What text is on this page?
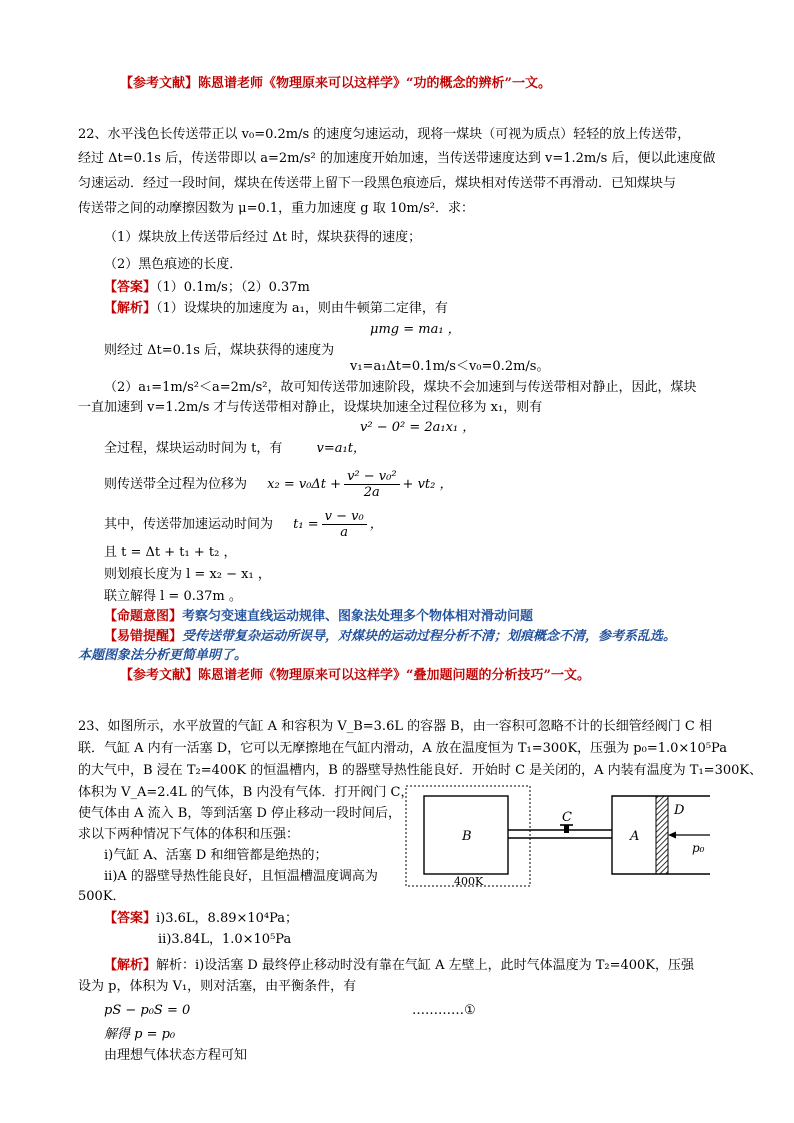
【参考文献】陈恩谱老师《物理原来可以这样学》“功的概念的辨析”一文。
22、水平浅色长传送带正以 v₀=0.2m/s 的速度匀速运动，现将一煤块（可视为质点）轻轻的放上传送带，
经过 Δt=0.1s 后，传送带即以 a=2m/s² 的加速度开始加速，当传送带速度达到 v=1.2m/s 后，便以此速度做
匀速运动．经过一段时间，煤块在传送带上留下一段黑色痕迹后，煤块相对传送带不再滑动．已知煤块与
传送带之间的动摩擦因数为 μ=0.1，重力加速度 g 取 10m/s²．求：
（1）煤块放上传送带后经过 Δt 时，煤块获得的速度；
（2）黑色痕迹的长度．
【答案】（1）0.1m/s；（2）0.37m
【解析】（1）设煤块的加速度为 a₁，则由牛顿第二定律，有
μmg = ma₁ ，
则经过 Δt=0.1s 后，煤块获得的速度为
v₁=a₁Δt=0.1m/s＜v₀=0.2m/s。
（2）a₁=1m/s²＜a=2m/s²，故可知传送带加速阶段，煤块不会加速到与传送带相对静止，因此，煤块
一直加速到 v=1.2m/s 才与传送带相对静止，设煤块加速全过程位移为 x₁，则有
v² − 0² = 2a₁x₁ ，
全过程，煤块运动时间为 t，有	v=a₁t，
则传送带全过程为位移为 $x_2 = v_0\Delta t + \frac{\text{v² − v₀²}}{2a} + vt_2$ ，
其中，传送带加速运动时间为 $t_1 = \frac{\text{v − v₀}}{a}$ ，
且 t = Δt + t₁ + t₂ ，
则划痕长度为 l = x₂ − x₁ ，
联立解得 l = 0.37m 。
【命题意图】考察匀变速直线运动规律、图象法处理多个物体相对滑动问题
【易错提醒】受传送带复杂运动所误导，对煤块的运动过程分析不清；划痕概念不清，参考系乱选。
本题图象法分析更简单明了。
【参考文献】陈恩谱老师《物理原来可以这样学》“叠加题问题的分析技巧”一文。
23、如图所示，水平放置的气缸 A 和容积为 V_B=3.6L 的容器 B，由一容积可忽略不计的长细管经阀门 C 相
联．气缸 A 内有一活塞 D，它可以无摩擦地在气缸内滑动，A 放在温度恒为 T₁=300K，压强为 p₀=1.0×10⁵Pa
的大气中，B 浸在 T₂=400K 的恒温槽内，B 的器壁导热性能良好．开始时 C 是关闭的，A 内装有温度为 T₁=300K、
体积为 V_A=2.4L 的气体，B 内没有气体．打开阀门 C，
使气体由 A 流入 B，等到活塞 D 停止移动一段时间后，
求以下两种情况下气体的体积和压强：
i)气缸 A、活塞 D 和细管都是绝热的；
ii)A 的器壁导热性能良好，且恒温槽温度调高为
500K．
【答案】i)3.6L，8.89×10⁴Pa；
ii)3.84L，1.0×10⁵Pa
【解析】解析：i)设活塞 D 最终停止移动时没有靠在气缸 A 左壁上，此时气体温度为 T₂=400K，压强
设为 p，体积为 V₁，则对活塞，由平衡条件，有
pS − p₀S = 0	…………①
解得 p = p₀
由理想气体状态方程可知
B
C
A
D
p₀
400K
